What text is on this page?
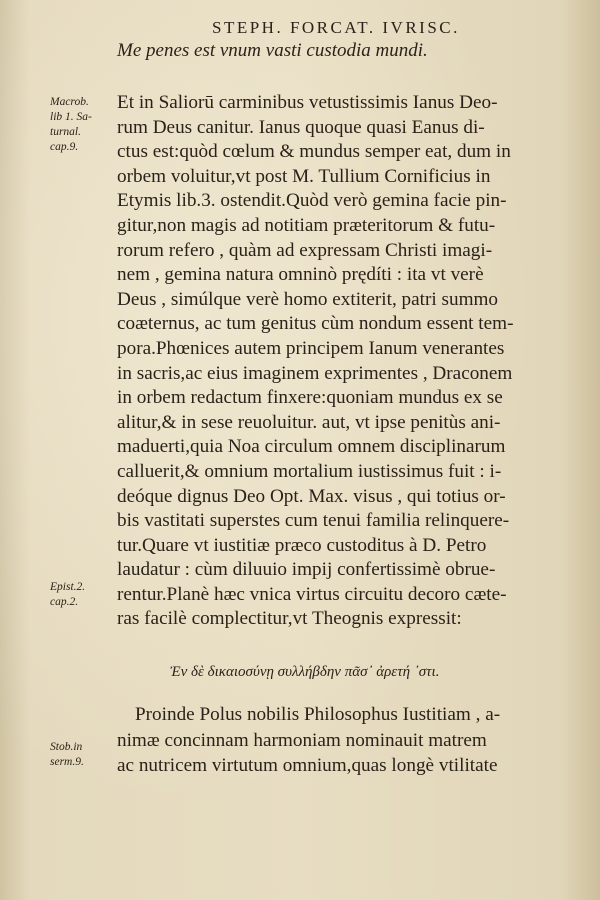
STEPH. FORCAT. IVRISC.
Me penes est vnum vasti custodia mundi.
Macrob.
lib 1. Sa-
turnal.
cap.9.
Epist.2.
cap.2.
Stob.in
serm.9.
Et in Saliorū carminibus vetustissimis Ianus Deo-
rum Deus canitur. Ianus quoque quasi Eanus di-
ctus est:quòd cœlum & mundus semper eat, dum in
orbem voluitur,vt post M. Tullium Cornificius in
Etymis lib.3. ostendit.Quòd verò gemina facie pin-
gitur,non magis ad notitiam præteritorum & futu-
rorum refero , quàm ad expressam Christi imagi-
nem , gemina natura omninò prędíti : ita vt verè
Deus , simúlque verè homo extiterit, patri summo
coæternus, ac tum genitus cùm nondum essent tem-
pora.Phœnices autem principem Ianum venerantes
in sacris,ac eius imaginem exprimentes , Draconem
in orbem redactum finxere:quoniam mundus ex se
alitur,& in sese reuoluitur. aut, vt ipse penitùs ani-
maduerti,quia Noa circulum omnem disciplinarum
calluerit,& omnium mortalium iustissimus fuit : i-
deóque dignus Deo Opt. Max. visus , qui totius or-
bis vastitati superstes cum tenui familia relinquere-
tur.Quare vt iustitiæ præco custoditus à D. Petro
laudatur : cùm diluuio impij confertissimè obrue-
rentur.Planè hæc vnica virtus circuitu decoro cæte-
ras facilè complectitur,vt Theognis expressit:
Ἐν δὲ δικαιοσύνῃ συλλήβδην πᾶσ᾽ ἀρετή ᾽στι.
Proinde Polus nobilis Philosophus Iustitiam , a-
nimæ concinnam harmoniam nominauit matrem
ac nutricem virtutum omnium,quas longè vtilitate
